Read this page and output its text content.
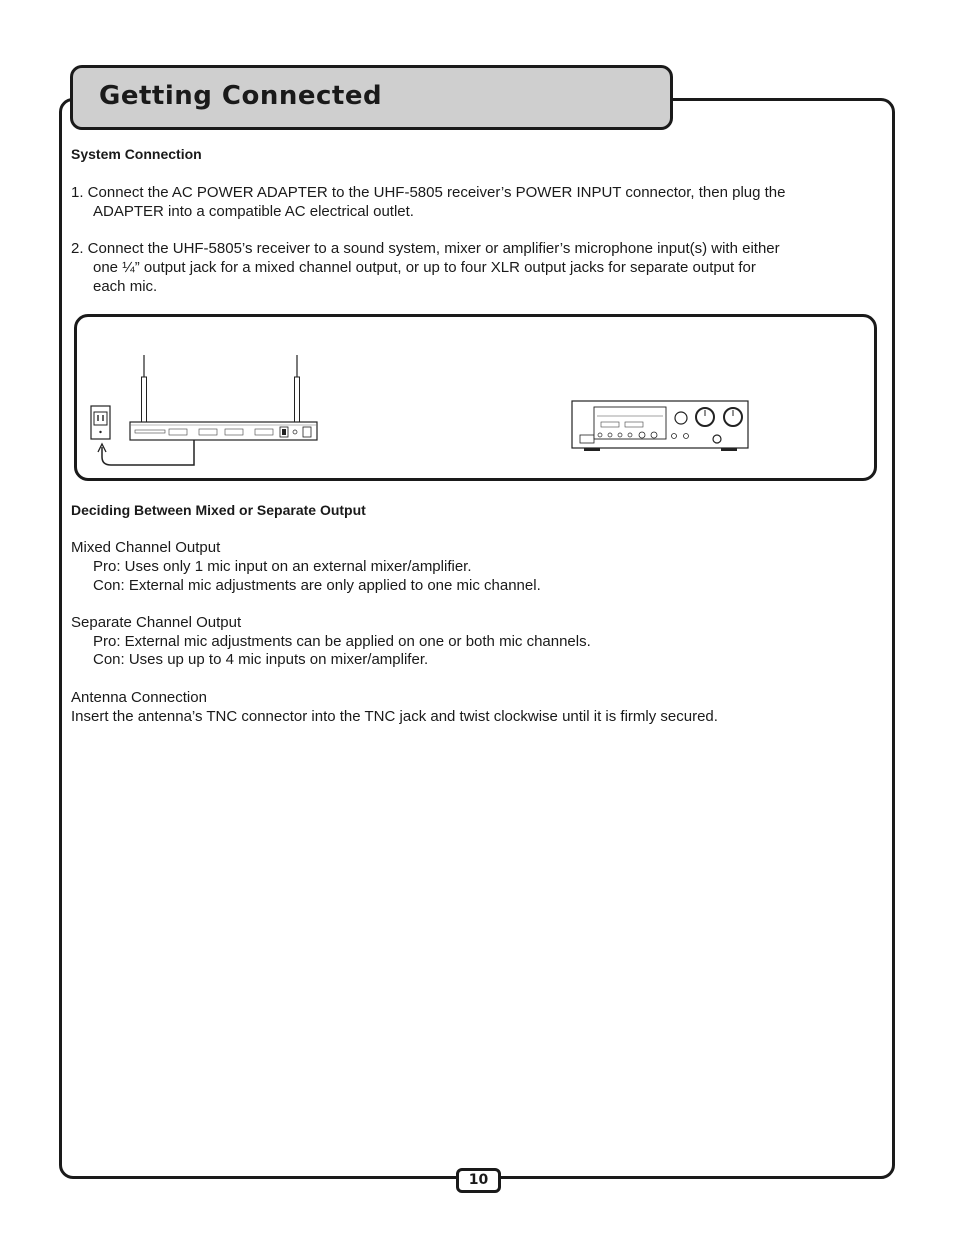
Getting Connected
System Connection
1. Connect the AC POWER ADAPTER to the UHF-5805 receiver’s POWER INPUT connector, then plug the
ADAPTER into a compatible AC electrical outlet.
2. Connect the UHF-5805’s receiver to a sound system, mixer or amplifier’s microphone input(s) with either
one ¼” output jack for a mixed channel output, or up to four XLR output jacks for separate output for
each mic.
Deciding Between Mixed or Separate Output
Mixed Channel Output
Pro: Uses only 1 mic input on an external mixer/amplifier.
Con: External mic adjustments are only applied to one mic channel.
Separate Channel Output
Pro: External mic adjustments can be applied on one or both mic channels.
Con: Uses up up to 4 mic inputs on mixer/amplifer.
Antenna Connection
Insert the antenna’s TNC connector into the TNC jack and twist clockwise until it is firmly secured.
10
